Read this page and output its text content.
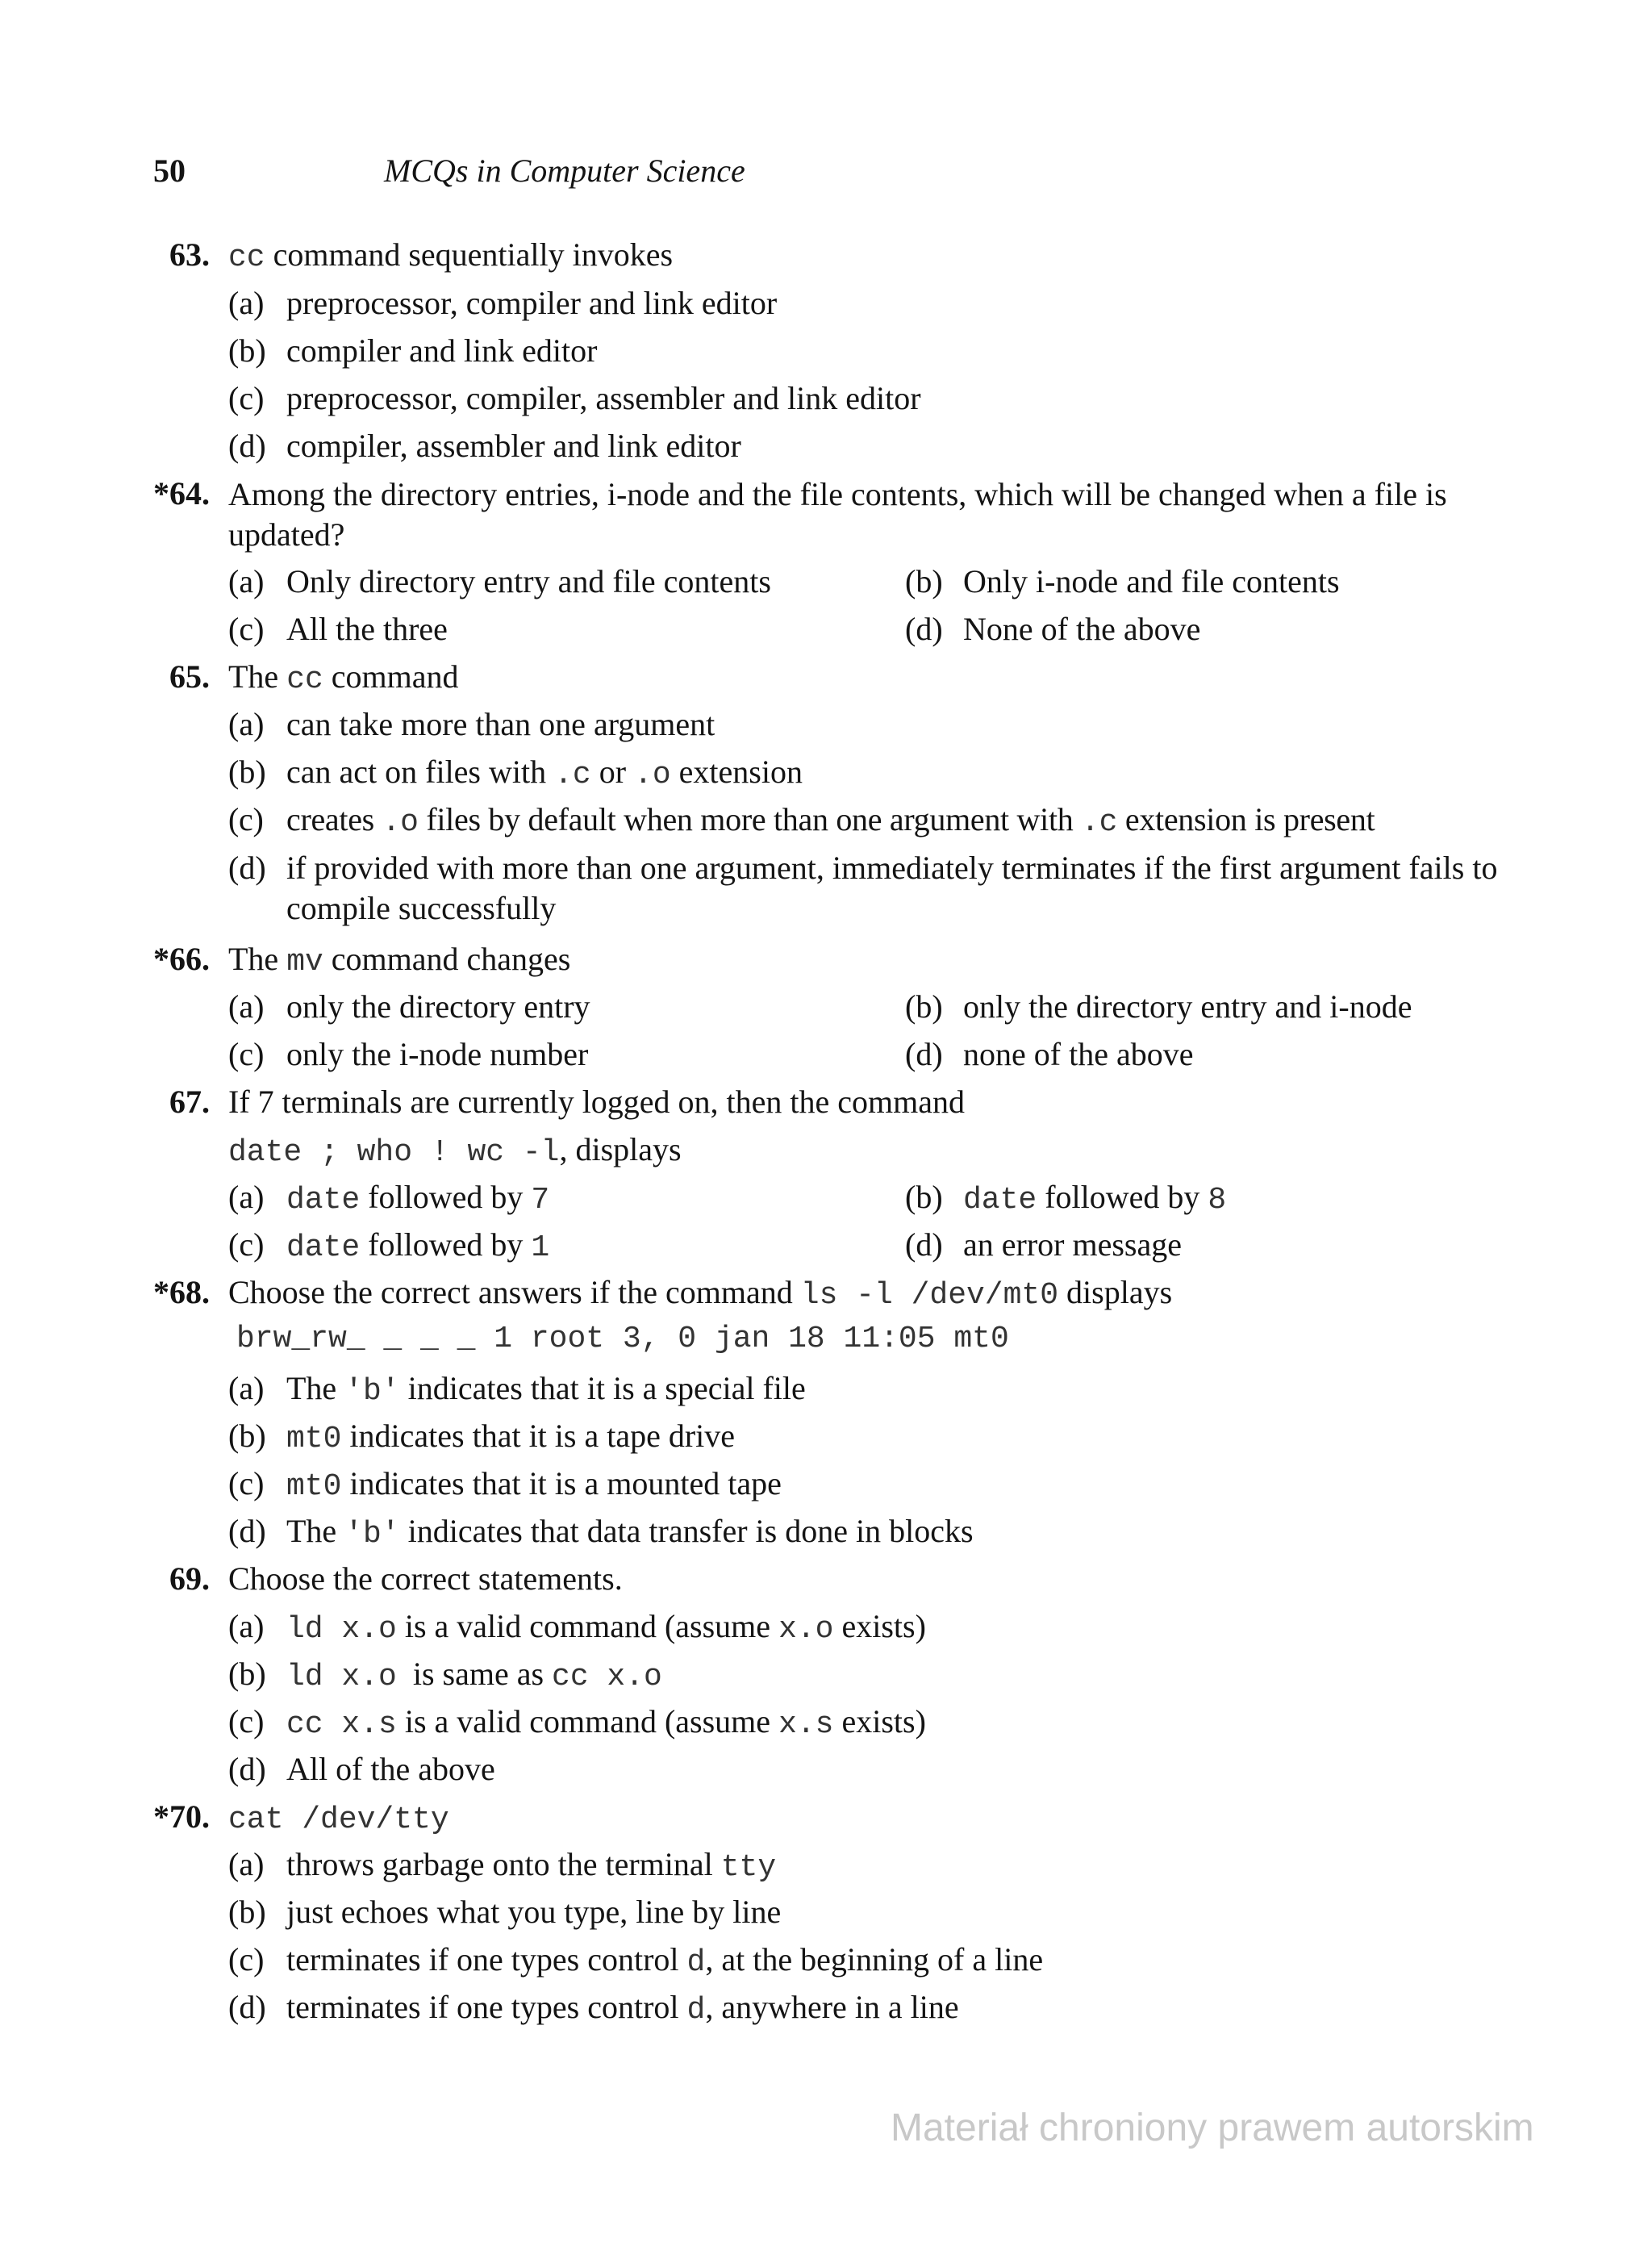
50	MCQs in Computer Science
63. cc command sequentially invokes
(a) preprocessor, compiler and link editor
(b) compiler and link editor
(c) preprocessor, compiler, assembler and link editor
(d) compiler, assembler and link editor
*64. Among the directory entries, i-node and the file contents, which will be changed when a file is updated?
(a) Only directory entry and file contents	(b) Only i-node and file contents
(c) All the three	(d) None of the above
65. The cc command
(a) can take more than one argument
(b) can act on files with .c or .o extension
(c) creates .o files by default when more than one argument with .c extension is present
(d) if provided with more than one argument, immediately terminates if the first argument fails to compile successfully
*66. The mv command changes
(a) only the directory entry	(b) only the directory entry and i-node
(c) only the i-node number	(d) none of the above
67. If 7 terminals are currently logged on, then the command
date ; who ! wc -l, displays
(a) date followed by 7	(b) date followed by 8
(c) date followed by 1	(d) an error message
*68. Choose the correct answers if the command ls -l /dev/mt0 displays
brw_rw_ _ _ _ 1 root 3, 0 jan 18 11:05 mt0
(a) The 'b' indicates that it is a special file
(b) mt0 indicates that it is a tape drive
(c) mt0 indicates that it is a mounted tape
(d) The 'b' indicates that data transfer is done in blocks
69. Choose the correct statements.
(a) ld x.o is a valid command (assume x.o exists)
(b) ld x.o  is same as cc x.o
(c) cc x.s is a valid command (assume x.s exists)
(d) All of the above
*70. cat /dev/tty
(a) throws garbage onto the terminal tty
(b) just echoes what you type, line by line
(c) terminates if one types control d, at the beginning of a line
(d) terminates if one types control d, anywhere in a line
Materiał chroniony prawem autorskim
